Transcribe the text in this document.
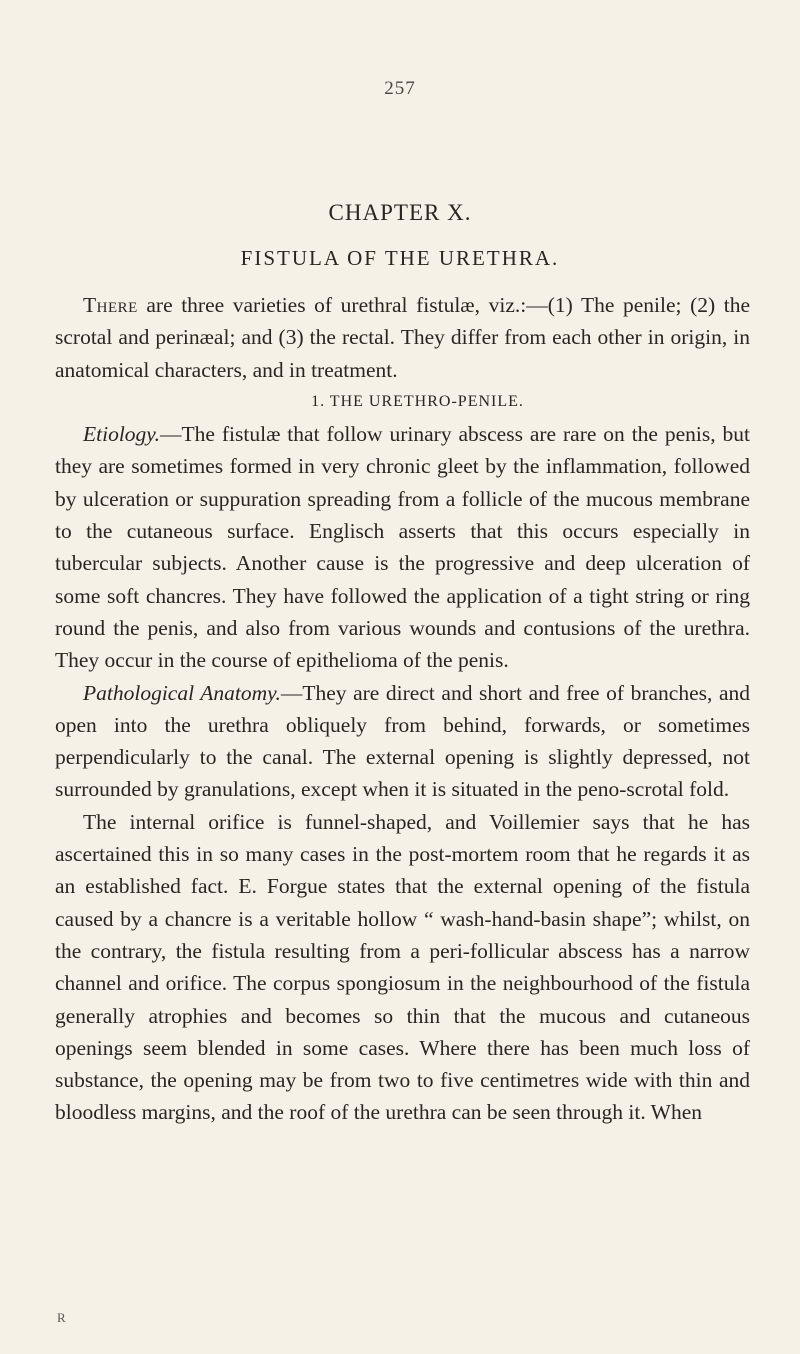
257
CHAPTER X.
FISTULA OF THE URETHRA.

There are three varieties of urethral fistulæ, viz.:—(1) The penile; (2) the scrotal and perinæal; and (3) the rectal. They differ from each other in origin, in anatomical characters, and in treatment.

1. THE URETHRO-PENILE.

Etiology.—The fistulæ that follow urinary abscess are rare on the penis, but they are sometimes formed in very chronic gleet by the inflammation, followed by ulceration or suppuration spreading from a follicle of the mucous membrane to the cutaneous surface. Englisch asserts that this occurs especially in tubercular subjects. Another cause is the progressive and deep ulceration of some soft chancres. They have followed the application of a tight string or ring round the penis, and also from various wounds and contusions of the urethra. They occur in the course of epithelioma of the penis.

Pathological Anatomy.—They are direct and short and free of branches, and open into the urethra obliquely from behind, forwards, or sometimes perpendicularly to the canal. The external opening is slightly depressed, not surrounded by granulations, except when it is situated in the peno-scrotal fold.

The internal orifice is funnel-shaped, and Voillemier says that he has ascertained this in so many cases in the post-mortem room that he regards it as an established fact. E. Forgue states that the external opening of the fistula caused by a chancre is a veritable hollow “ wash-hand-basin shape”; whilst, on the contrary, the fistula resulting from a peri-follicular abscess has a narrow channel and orifice. The corpus spongiosum in the neighbourhood of the fistula generally atrophies and becomes so thin that the mucous and cutaneous openings seem blended in some cases. Where there has been much loss of substance, the opening may be from two to five centimetres wide with thin and bloodless margins, and the roof of the urethra can be seen through it. When

R
